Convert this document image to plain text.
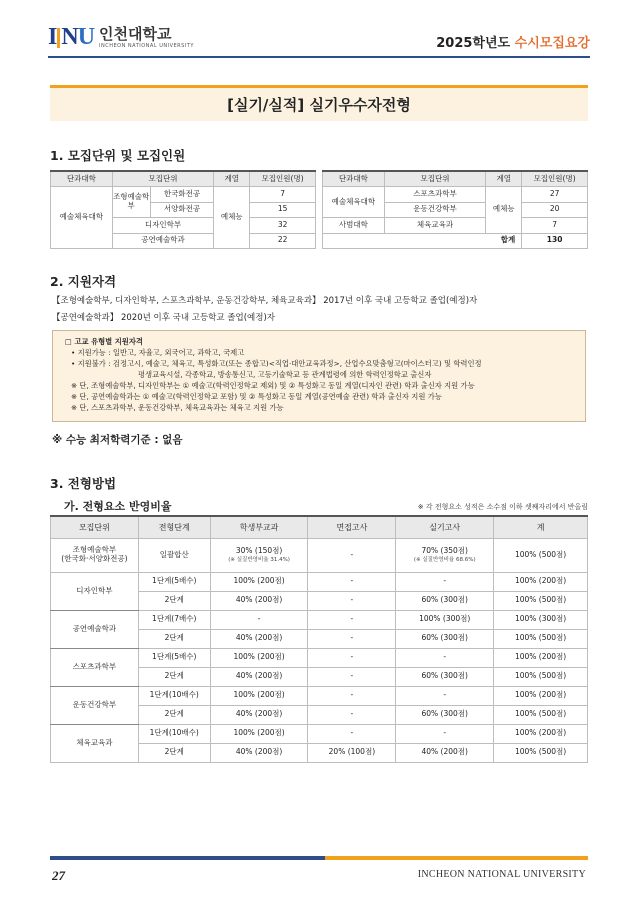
I NU 인천대학교
INCHEON NATIONAL UNIVERSITY	2025학년도 수시모집요강
[실기/실적] 실기우수자전형
1. 모집단위 및 모집인원
단과대학	모집단위		계열	모집인원(명)
예술체육대학	조형예술학부	한국화전공	예체능	7
		서양화전공		15
	디자인학부			32
	공연예술학과			22
단과대학	모집단위	계열	모집인원(명)
예술체육대학	스포츠과학부	예체능	27
	운동건강학부		20
사범대학	체육교육과		7
합계			130
2. 지원자격
【조형예술학부, 디자인학부, 스포츠과학부, 운동건강학부, 체육교육과】 2017년 이후 국내 고등학교 졸업(예정)자
【공연예술학과】 2020년 이후 국내 고등학교 졸업(예정)자
□ 고교 유형별 지원자격
• 지원가능 : 일반고, 자율고, 외국어고, 과학고, 국제고
• 지원불가 : 검정고시, 예술고, 체육고, 특성화고(또는 종합고)<직업·대안교육과정>, 산업수요맞춤형고(마이스터고) 및 학력인정
평생교육시설, 각종학교, 방송통신고, 고등기술학교 등 관계법령에 의한 학력인정학교 출신자
※ 단, 조형예술학부, 디자인학부는 ① 예술고(학력인정학교 제외) 및 ② 특성화고 동일 계열(디자인 관련) 학과 출신자 지원 가능
※ 단, 공연예술학과는 ① 예술고(학력인정학교 포함) 및 ② 특성화고 동일 계열(공연예술 관련) 학과 출신자 지원 가능
※ 단, 스포츠과학부, 운동건강학부, 체육교육과는 체육고 지원 가능
※ 수능 최저학력기준 : 없음
3. 전형방법
가. 전형요소 반영비율	※ 각 전형요소 성적은 소수점 이하 셋째자리에서 반올림
모집단위	전형단계	학생부교과	면접고사	실기고사	계
조형예술학부
(한국화·서양화전공)	일괄합산	30% (150점)
(※ 실질반영비율 31.4%)	-	70% (350점)
(※ 실질반영비율 68.6%)	100% (500점)
디자인학부	1단계(5배수)	100% (200점)	-	-	100% (200점)
	2단계	40% (200점)	-	60% (300점)	100% (500점)
공연예술학과	1단계(7배수)	-	-	100% (300점)	100% (300점)
	2단계	40% (200점)	-	60% (300점)	100% (500점)
스포츠과학부	1단계(5배수)	100% (200점)	-	-	100% (200점)
	2단계	40% (200점)	-	60% (300점)	100% (500점)
운동건강학부	1단계(10배수)	100% (200점)	-	-	100% (200점)
	2단계	40% (200점)	-	60% (300점)	100% (500점)
체육교육과	1단계(10배수)	100% (200점)	-	-	100% (200점)
	2단계	40% (200점)	20% (100점)	40% (200점)	100% (500점)
27	INCHEON NATIONAL UNIVERSITY
